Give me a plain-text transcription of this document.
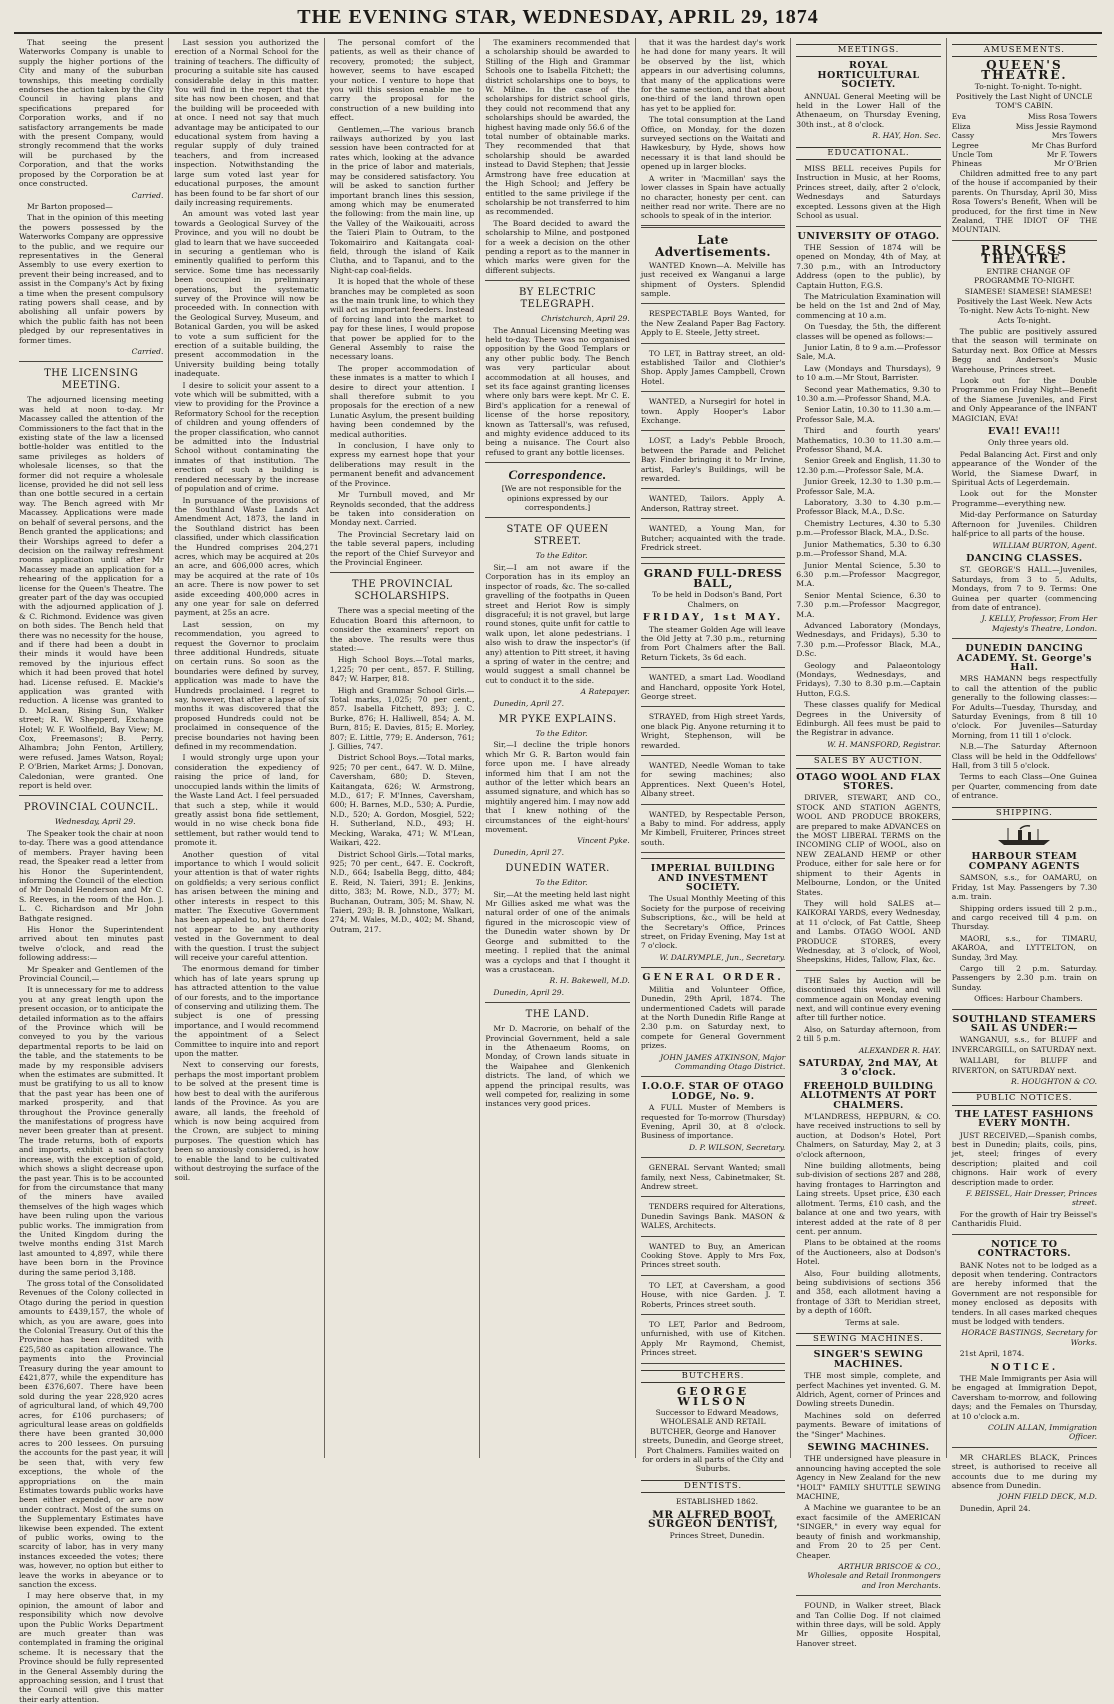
THE EVENING STAR, WEDNESDAY, APRIL 29, 1874

That seeing the present Waterworks Company is unable to supply the higher portions of the City and many of the suburban townships, this meeting cordially endorses the action taken by the City Council in having plans and specifications prepared for Corporation works, and if no satisfactory arrangements be made with the present Company, would strongly recommend that the works will be purchased by the Corporation, and that the works proposed by the Corporation be at once constructed.

Carried.

Mr Barton proposed—

That in the opinion of this meeting the powers possessed by the Waterworks Company are oppressive to the public, and we require our representatives in the General Assembly to use every exertion to prevent their being increased, and to assist in the Company's Act by fixing a time when the present compulsory rating powers shall cease, and by abolishing all unfair powers by which the public faith has not been pledged by our representatives in former times.

Carried.

THE LICENSING MEETING.

The adjourned licensing meeting was held at noon to-day. Mr Macassey called the attention of the Commissioners to the fact that in the existing state of the law a licensed bottle-holder was entitled to the same privileges as holders of wholesale licenses, so that the former did not require a wholesale license, provided he did not sell less than one bottle secured in a certain way. The Bench agreed with Mr Macassey. Applications were made on behalf of several persons, and the Bench granted the applications; and their Worships agreed to defer a decision on the railway refreshment rooms application until after Mr Macassey made an application for a rehearing of the application for a license for the Queen's Theatre. The greater part of the day was occupied with the adjourned application of J. & C. Richmond. Evidence was given on both sides. The Bench held that there was no necessity for the house, and if there had been a doubt in their minds it would have been removed by the injurious effect which it had been proved that hotel had. License refused. E. Mackie's application was granted with reduction. A license was granted to D. McLean, Rising Sun, Walker street; R. W. Shepperd, Exchange Hotel; W. F. Woolfield, Bay View; M. Cox, Freemasons'; B. Perry, Alhambra; John Fenton, Artillery, were refused. James Watson, Royal; P. O'Brien, Market Arms; J. Donovan, Caledonian, were granted. One report is held over.

PROVINCIAL COUNCIL.

Wednesday, April 29.

The Speaker took the chair at noon to-day. There was a good attendance of members. Prayer having been read, the Speaker read a letter from his Honor the Superintendent, informing the Council of the election of Mr Donald Henderson and Mr C. S. Reeves, in the room of the Hon. J. L. C. Richardson and Mr John Bathgate resigned.

His Honor the Superintendent arrived about ten minutes past twelve o'clock, and read the following address:—

Mr Speaker and Gentlemen of the Provincial Council,—

It is unnecessary for me to address you at any great length upon the present occasion, or to anticipate the detailed information as to the affairs of the Province which will be conveyed to you by the various departmental reports to be laid on the table, and the statements to be made by my responsible advisers when the estimates are submitted. It must be gratifying to us all to know that the past year has been one of marked prosperity, and that throughout the Province generally the manifestations of progress have never been greater than at present. The trade returns, both of exports and imports, exhibit a satisfactory increase, with the exception of gold, which shows a slight decrease upon the past year. This is to be accounted for from the circumstance that many of the miners have availed themselves of the high wages which have been ruling upon the various public works. The immigration from the United Kingdom during the twelve months ending 31st March last amounted to 4,897, while there have been born in the Province during the same period 3,188.

The gross total of the Consolidated Revenues of the Colony collected in Otago during the period in question amounts to £439,157, the whole of which, as you are aware, goes into the Colonial Treasury. Out of this the Province has been credited with £25,580 as capitation allowance. The payments into the Provincial Treasury during the year amount to £421,877, while the expenditure has been £376,607. There have been sold during the year 228,920 acres of agricultural land, of which 49,700 acres, for £106 purchasers; of agricultural lease areas on goldfields there have been granted 30,000 acres to 200 lessees. On pursuing the accounts for the past year, it will be seen that, with very few exceptions, the whole of the appropriations on the main Estimates towards public works have been either expended, or are now under contract. Most of the sums on the Supplementary Estimates have likewise been expended. The extent of public works, owing to the scarcity of labor, has in very many instances exceeded the votes; there was, however, no option but either to leave the works in abeyance or to sanction the excess.

I may here observe that, in my opinion, the amount of labor and responsibility which now devolve upon the Public Works Department are much greater than was contemplated in framing the original scheme. It is necessary that the Province should be fully represented in the General Assembly during the approaching session, and I trust that the Council will give this matter their early attention.

Last session you authorized the erection of a Normal School for the training of teachers. The difficulty of procuring a suitable site has caused considerable delay in this matter. You will find in the report that the site has now been chosen, and that the building will be proceeded with at once. I need not say that much advantage may be anticipated to our educational system from having a regular supply of duly trained teachers, and from increased inspection. Notwithstanding the large sum voted last year for educational purposes, the amount has been found to be far short of our daily increasing requirements.

An amount was voted last year towards a Geological Survey of the Province, and you will no doubt be glad to learn that we have succeeded in securing a gentleman who is eminently qualified to perform this service. Some time has necessarily been occupied in preliminary operations, but the systematic survey of the Province will now be proceeded with. In connection with the Geological Survey, Museum, and Botanical Garden, you will be asked to vote a sum sufficient for the erection of a suitable building, the present accommodation in the University building being totally inadequate.

I desire to solicit your assent to a vote which will be submitted, with a view to providing for the Province a Reformatory School for the reception of children and young offenders of the proper classification, who cannot be admitted into the Industrial School without contaminating the inmates of that institution. The erection of such a building is rendered necessary by the increase of population and of crime.

In pursuance of the provisions of the Southland Waste Lands Act Amendment Act, 1873, the land in the Southland district has been classified, under which classification the Hundred comprises 204,271 acres, which may be acquired at 20s an acre, and 606,000 acres, which may be acquired at the rate of 10s an acre. There is now power to set aside exceeding 400,000 acres in any one year for sale on deferred payment, at 25s an acre.

Last session, on my recommendation, you agreed to request the Governor to proclaim three additional Hundreds, situate on certain runs. So soon as the boundaries were defined by survey, application was made to have the Hundreds proclaimed. I regret to say, however, that after a lapse of six months it was discovered that the proposed Hundreds could not be proclaimed in consequence of the precise boundaries not having been defined in my recommendation.

I would strongly urge upon your consideration the expediency of raising the price of land, for unoccupied lands within the limits of the Waste Land Act. I feel persuaded that such a step, while it would greatly assist bona fide settlement, would in no wise check bona fide settlement, but rather would tend to promote it.

Another question of vital importance to which I would solicit your attention is that of water rights on goldfields; a very serious conflict has arisen between the mining and other interests in respect to this matter. The Executive Government has been appealed to, but there does not appear to be any authority vested in the Government to deal with the question. I trust the subject will receive your careful attention.

The enormous demand for timber which has of late years sprung up has attracted attention to the value of our forests, and to the importance of conserving and utilizing them. The subject is one of pressing importance, and I would recommend the appointment of a Select Committee to inquire into and report upon the matter.

Next to conserving our forests, perhaps the most important problem to be solved at the present time is how best to deal with the auriferous lands of the Province. As you are aware, all lands, the freehold of which is now being acquired from the Crown, are subject to mining purposes. The question which has been so anxiously considered, is how to enable the land to be cultivated without destroying the surface of the soil.

The personal comfort of the patients, as well as their chance of recovery, promoted; the subject, however, seems to have escaped your notice. I venture to hope that you will this session enable me to carry the proposal for the construction of a new building into effect.

Gentlemen,—The various branch railways authorized by you last session have been contracted for at rates which, looking at the advance in the price of labor and materials, may be considered satisfactory. You will be asked to sanction further important branch lines this session, among which may be enumerated the following: from the main line, up the Valley of the Waikouaiti, across the Taieri Plain to Outram, to the Tokomairiro and Kaitangata coal-field, through the island of Kaik Clutha, and to Tapanui, and to the Night-cap coal-fields.

It is hoped that the whole of these branches may be completed as soon as the main trunk line, to which they will act as important feeders. Instead of forcing land into the market to pay for these lines, I would propose that power be applied for to the General Assembly to raise the necessary loans.

The proper accommodation of these inmates is a matter to which I desire to direct your attention. I shall therefore submit to you proposals for the erection of a new Lunatic Asylum, the present building having been condemned by the medical authorities.

In conclusion, I have only to express my earnest hope that your deliberations may result in the permanent benefit and advancement of the Province.

Mr Turnbull moved, and Mr Reynolds seconded, that the address be taken into consideration on Monday next. Carried.

The Provincial Secretary laid on the table several papers, including the report of the Chief Surveyor and the Provincial Engineer.

THE PROVINCIAL SCHOLARSHIPS.

There was a special meeting of the Education Board this afternoon, to consider the examiners' report on the above. The results were thus stated:—

High School Boys.—Total marks, 1,225; 70 per cent., 857. F. Stilling, 847; W. Harper, 818.

High and Grammar School Girls.—Total marks, 1,025; 70 per cent., 857. Isabella Fitchett, 893; J. C. Burke, 876; H. Halliwell, 854; A. M. Burn, 815; E. Davies, 815; E. Morley, 807; E. Little, 779; E. Anderson, 761; J. Gillies, 747.

District School Boys.—Total marks, 925; 70 per cent., 647. W. D. Milne, Caversham, 680; D. Steven, Kaitangata, 626; W. Armstrong, M.D., 617; F. M'Innes, Caversham, 600; H. Barnes, M.D., 530; A. Purdie, N.D., 520; A. Gordon, Mosgiel, 522; H. Sutherland, N.D., 493; H. Mecking, Waraka, 471; W. M'Lean, Waikari, 422.

District School Girls.—Total marks, 925; 70 per cent., 647. E. Cockroft, N.D., 664; Isabella Begg, ditto, 484; E. Reid, N. Taieri, 391; E. Jenkins, ditto, 383; M. Rowe, N.D., 377; M. Buchanan, Outram, 305; M. Shaw, N. Taieri, 293; B. B. Johnstone, Walkari, 274; M. Wales, M.D., 402; M. Shand, Outram, 217.

The examiners recommended that a scholarship should be awarded to Stilling of the High and Grammar Schools one to Isabella Fitchett; the district scholarships one to boys, to W. Milne. In the case of the scholarships for district school girls, they could not recommend that any scholarships should be awarded, the highest having made only 56.6 of the total number of obtainable marks. They recommended that that scholarship should be awarded instead to David Stephen; that Jessie Armstrong have free education at the High School; and Jeffery be entitled to the same privilege if the scholarship be not transferred to him as recommended.

The Board decided to award the scholarship to Milne, and postponed for a week a decision on the other pending a report as to the manner in which marks were given for the different subjects.

BY ELECTRIC TELEGRAPH.

Christchurch, April 29.

The Annual Licensing Meeting was held to-day. There was no organised opposition by the Good Templars or any other public body. The Bench was very particular about accommodation at all houses, and set its face against granting licenses where only bars were kept. Mr C. E. Bird's application for a renewal of license of the horse repository, known as Tattersall's, was refused, and mighty evidence adduced to its being a nuisance. The Court also refused to grant any bottle licenses.

Correspondence.

[We are not responsible for the opinions expressed by our correspondents.]

STATE OF QUEEN STREET.

To the Editor.

Sir,—I am not aware if the Corporation has in its employ an inspector of roads, &c. The so-called gravelling of the footpaths in Queen street and Heriot Row is simply disgraceful; it is not gravel, but large round stones, quite unfit for cattle to walk upon, let alone pedestrians. I also wish to draw the inspector's (if any) attention to Pitt street, it having a spring of water in the centre; and would suggest a small channel be cut to conduct it to the side.

A Ratepayer.

Dunedin, April 27.

MR PYKE EXPLAINS.

To the Editor.

Sir,—I decline the triple honors which Mr G. R. Barton would fain force upon me. I have already informed him that I am not the author of the letter which bears an assumed signature, and which has so mightily angered him. I may now add that I knew nothing of the circumstances of the eight-hours' movement.

Vincent Pyke.

Dunedin, April 27.

DUNEDIN WATER.

To the Editor.

Sir,—At the meeting held last night Mr Gillies asked me what was the natural order of one of the animals figured in the microscopic view of the Dunedin water shown by Dr George and submitted to the meeting. I replied that the animal was a cyclops and that I thought it was a crustacean.

R. H. Bakewell, M.D.

Dunedin, April 29.

THE LAND.

Mr D. Macrorie, on behalf of the Provincial Government, held a sale in the Athenaeum Rooms, on Monday, of Crown lands situate in the Waipahee and Glenkenich districts. The land, of which we append the principal results, was well competed for, realizing in some instances very good prices.

that it was the hardest day's work he had done for many years. It will be observed by the list, which appears in our advertising columns, that many of the applications were for the same section, and that about one-third of the land thrown open has yet to be applied for.

The total consumption at the Land Office, on Monday, for the dozen surveyed sections on the Waitati and Hawkesbury, by Hyde, shows how necessary it is that land should be opened up in larger blocks.

A writer in 'Macmillan' says the lower classes in Spain have actually no character, honesty per cent. can neither read nor write. There are no schools to speak of in the interior.

Late Advertisements.

WANTED Known—A. Melville has just received ex Wanganui a large shipment of Oysters. Splendid sample.

RESPECTABLE Boys Wanted, for the New Zealand Paper Bag Factory. Apply to E. Steele, Jetty street.

TO LET, in Battray street, an old-established Tailor and Clothier's Shop. Apply James Campbell, Crown Hotel.

WANTED, a Nursegirl for hotel in town. Apply Hooper's Labor Exchange.

LOST, a Lady's Pebble Brooch, between the Parade and Pelichet Bay. Finder bringing it to Mr Irvine, artist, Farley's Buildings, will be rewarded.

WANTED, Tailors. Apply A. Anderson, Rattray street.

WANTED, a Young Man, for Butcher; acquainted with the trade. Fredrick street.

GRAND FULL-DRESS BALL,

To be held in Dodson's Band, Port Chalmers, on

FRIDAY, 1st MAY.

The steamer Golden Age will leave the Old Jetty at 7.30 p.m., returning from Port Chalmers after the Ball. Return Tickets, 3s 6d each.

WANTED, a smart Lad. Woodland and Hanchard, opposite York Hotel, George street.

STRAYED, from High street Yards, one black Pig. Anyone returning it to Wright, Stephenson, will be rewarded.

WANTED, Needle Woman to take for sewing machines; also Apprentices. Next Queen's Hotel, Albany street.

WANTED, by Respectable Person, a Baby to mind. For address, apply Mr Kimbell, Fruiterer, Princes street south.

IMPERIAL BUILDING AND INVESTMENT SOCIETY.

The Usual Monthly Meeting of this Society for the purpose of receiving Subscriptions, &c., will be held at the Secretary's Office, Princes street, on Friday Evening, May 1st at 7 o'clock.

W. DALRYMPLE, Jun., Secretary.

GENERAL ORDER.

Militia and Volunteer Office, Dunedin, 29th April, 1874. The undermentioned Cadets will parade at the North Dunedin Rifle Range at 2.30 p.m. on Saturday next, to compete for General Government prizes.

JOHN JAMES ATKINSON, Major Commanding Otago District.

I.O.O.F. STAR OF OTAGO LODGE, No. 9.

A FULL Muster of Members is requested for To-morrow (Thursday) Evening, April 30, at 8 o'clock. Business of importance.

D. P. WILSON, Secretary.

GENERAL Servant Wanted; small family, next Ness, Cabinetmaker, St. Andrew street.

TENDERS required for Alterations, Dunedin Savings Bank. MASON & WALES, Architects.

WANTED to Buy, an American Cooking Stove. Apply to Mrs Fox, Princes street south.

TO LET, at Caversham, a good House, with nice Garden. J. T. Roberts, Princes street south.

TO LET, Parlor and Bedroom, unfurnished, with use of Kitchen. Apply Mr Raymond, Chemist, Princes street.

BUTCHERS.
GEORGE WILSON

Successor to Edward Meadows, WHOLESALE AND RETAIL BUTCHER, George and Hanover streets, Dunedin, and George street, Port Chalmers. Families waited on for orders in all parts of the City and Suburbs.

DENTISTS.

ESTABLISHED 1862.

MR ALFRED BOOT, SURGEON DENTIST,

Princes Street, Dunedin.

MEETINGS.
ROYAL HORTICULTURAL SOCIETY.

ANNUAL General Meeting will be held in the Lower Hall of the Athenaeum, on Thursday Evening, 30th inst., at 8 o'clock.

R. HAY, Hon. Sec.

EDUCATIONAL.

MISS BELL receives Pupils for Instruction in Music, at her Rooms, Princes street, daily, after 2 o'clock, Wednesdays and Saturdays excepted. Lessons given at the High School as usual.

UNIVERSITY OF OTAGO.

THE Session of 1874 will be opened on Monday, 4th of May, at 7.30 p.m., with an Introductory Address (open to the public), by Captain Hutton, F.G.S.

The Matriculation Examination will be held on the 1st and 2nd of May, commencing at 10 a.m.

On Tuesday, the 5th, the different classes will be opened as follows:—

Junior Latin, 8 to 9 a.m.—Professor Sale, M.A.

Law (Mondays and Thursdays), 9 to 10 a.m.—Mr Stout, Barrister.

Second year Mathematics, 9.30 to 10.30 a.m.—Professor Shand, M.A.

Senior Latin, 10.30 to 11.30 a.m.—Professor Sale, M.A.

Third and fourth years' Mathematics, 10.30 to 11.30 a.m.—Professor Shand, M.A.

Senior Greek and English, 11.30 to 12.30 p.m.—Professor Sale, M.A.

Junior Greek, 12.30 to 1.30 p.m.—Professor Sale, M.A.

Laboratory, 3.30 to 4.30 p.m.—Professor Black, M.A., D.Sc.

Chemistry Lectures, 4.30 to 5.30 p.m.—Professor Black, M.A., D.Sc.

Junior Mathematics, 5.30 to 6.30 p.m.—Professor Shand, M.A.

Junior Mental Science, 5.30 to 6.30 p.m.—Professor Macgregor, M.A.

Senior Mental Science, 6.30 to 7.30 p.m.—Professor Macgregor, M.A.

Advanced Laboratory (Mondays, Wednesdays, and Fridays), 5.30 to 7.30 p.m.—Professor Black, M.A., D.Sc.

Geology and Palaeontology (Mondays, Wednesdays, and Fridays), 7.30 to 8.30 p.m.—Captain Hutton, F.G.S.

These classes qualify for Medical Degrees in the University of Edinburgh. All fees must be paid to the Registrar in advance.

W. H. MANSFORD, Registrar.

SALES BY AUCTION.
OTAGO WOOL AND FLAX STORES.

DRIVER, STEWART, AND CO., STOCK AND STATION AGENTS, WOOL AND PRODUCE BROKERS, are prepared to make ADVANCES on the MOST LIBERAL TERMS on the INCOMING CLIP of WOOL, also on NEW ZEALAND HEMP or other Produce, either for sale here or for shipment to their Agents in Melbourne, London, or the United States.

They will hold SALES at—KAIKORAI YARDS, every Wednesday, at 11 o'clock, of Fat Cattle, Sheep and Lambs. OTAGO WOOL AND PRODUCE STORES, every Wednesday, at 3 o'clock, of Wool, Sheepskins, Hides, Tallow, Flax, &c.

THE Sales by Auction will be discontinued this week, and will commence again on Monday evening next, and will continue every evening after till further notice.

Also, on Saturday afternoon, from 2 till 5 p.m.

ALEXANDER R. HAY.

SATURDAY, 2nd MAY, At 3 o'clock.
FREEHOLD BUILDING ALLOTMENTS AT PORT CHALMERS.

M'LANDRESS, HEPBURN, & CO. have received instructions to sell by auction, at Dodson's Hotel, Port Chalmers, on Saturday, May 2, at 3 o'clock afternoon,

Nine building allotments, being sub-division of sections 287 and 288, having frontages to Harrington and Laing streets. Upset price, £30 each allotment. Terms, £10 cash, and the balance at one and two years, with interest added at the rate of 8 per cent. per annum.

Plans to be obtained at the rooms of the Auctioneers, also at Dodson's Hotel.

Also, Four building allotments, being subdivisions of sections 356 and 358, each allotment having a frontage of 33ft to Meridian street, by a depth of 160ft.

Terms at sale.

SEWING MACHINES.
SINGER'S SEWING MACHINES.

THE most simple, complete, and perfect Machines yet invented. G. M. Aldrich, Agent, corner of Princes and Dowling streets Dunedin.

Machines sold on deferred payments. Beware of imitations of the "Singer" Machines.

SEWING MACHINES.

THE undersigned have pleasure in announcing having accepted the sole Agency in New Zealand for the new "HOLT" FAMILY SHUTTLE SEWING MACHINE,

A Machine we guarantee to be an exact facsimile of the AMERICAN "SINGER," in every way equal for beauty of finish and workmanship, and From 20 to 25 per Cent. Cheaper.

ARTHUR BRISCOE & CO., Wholesale and Retail Ironmongers and Iron Merchants.

FOUND, in Walker street, Black and Tan Collie Dog. If not claimed within three days, will be sold. Apply Mr Gillies, opposite Hospital, Hanover street.

AMUSEMENTS.
QUEEN'S THEATRE.

To-night. To-night. To-night. Positively the Last Night of UNCLE TOM'S CABIN.

Eva	Miss Rosa Towers
Eliza	Miss Jessie Raymond
Cassy	Mrs Towers
Legree	Mr Chas Burford
Uncle Tom	Mr F. Towers
Phineas	Mr O'Brien

Children admitted free to any part of the house if accompanied by their parents. On Thursday, April 30, Miss Rosa Towers's Benefit, When will be produced, for the first time in New Zealand, THE IDIOT OF THE MOUNTAIN.

PRINCESS THEATRE.

ENTIRE CHANGE OF PROGRAMME TO-NIGHT.

SIAMESE! SIAMESE! SIAMESE! Positively the Last Week. New Acts To-night. New Acts To-night. New Acts To-night.

The public are positively assured that the season will terminate on Saturday next. Box Office at Messrs Begg and Anderson's Music Warehouse, Princes street.

Look out for the Double Programme on Friday Night—Benefit of the Siamese Juveniles, and First and Only Appearance of the INFANT MAGICIAN, EVA!

EVA!! EVA!!!

Only three years old.

Pedal Balancing Act. First and only appearance of the Wonder of the World, the Siamese Dwarf, in Spiritual Acts of Legerdemain.

Look out for the Monster Programme—everything new.

Mid-day Performance on Saturday Afternoon for Juveniles. Children half-price to all parts of the house.

WILLIAM BURTON, Agent.

DANCING CLASSES.

ST. GEORGE'S HALL.—Juveniles, Saturdays, from 3 to 5. Adults, Mondays, from 7 to 9. Terms: One Guinea per quarter (commencing from date of entrance).

J. KELLY, Professor, From Her Majesty's Theatre, London.

DUNEDIN DANCING ACADEMY. St. George's Hall.

MRS HAMANN begs respectfully to call the attention of the public generally to the following classes:— For Adults—Tuesday, Thursday, and Saturday Evenings, from 8 till 10 o'clock. For Juveniles—Saturday Morning, from 11 till 1 o'clock.

N.B.—The Saturday Afternoon Class will be held in the Oddfellows' Hall, from 3 till 5 o'clock.

Terms to each Class—One Guinea per Quarter, commencing from date of entrance.

SHIPPING.
HARBOUR STEAM COMPANY AGENTS

SAMSON, s.s., for OAMARU, on Friday, 1st May. Passengers by 7.30 a.m. train.

Shipping orders issued till 2 p.m., and cargo received till 4 p.m. on Thursday.

MAORI, s.s., for TIMARU, AKAROA, and LYTTELTON, on Sunday, 3rd May.

Cargo till 2 p.m. Saturday. Passengers by 2.30 p.m. train on Sunday.

Offices: Harbour Chambers.

SOUTHLAND STEAMERS SAIL AS UNDER:—

WANGANUI, s.s., for BLUFF and INVERCARGILL, on SATURDAY next.

WALLABI, for BLUFF and RIVERTON, on SATURDAY next.

R. HOUGHTON & CO.

PUBLIC NOTICES.
THE LATEST FASHIONS EVERY MONTH.

JUST RECEIVED,—Spanish combs, best in Dunedin; plaits, coils, pins, jet, steel; fringes of every description; plaited and coil chignons. Hair work of every description made to order.

F. BEISSEL, Hair Dresser, Princes street.

For the growth of Hair try Beissel's Cantharidis Fluid.

NOTICE TO CONTRACTORS.

BANK Notes not to be lodged as a deposit when tendering. Contractors are hereby informed that the Government are not responsible for money enclosed as deposits with tenders. In all cases marked cheques must be lodged with tenders.

HORACE BASTINGS, Secretary for Works.

21st April, 1874.

NOTICE.

THE Male Immigrants per Asia will be engaged at Immigration Depot, Caversham to-morrow, and following days; and the Females on Thursday, at 10 o'clock a.m.

COLIN ALLAN, Immigration Officer.

MR CHARLES BLACK, Princes street, is authorised to receive all accounts due to me during my absence from Dunedin.

JOHN FIELD DECK, M.D.

Dunedin, April 24.
